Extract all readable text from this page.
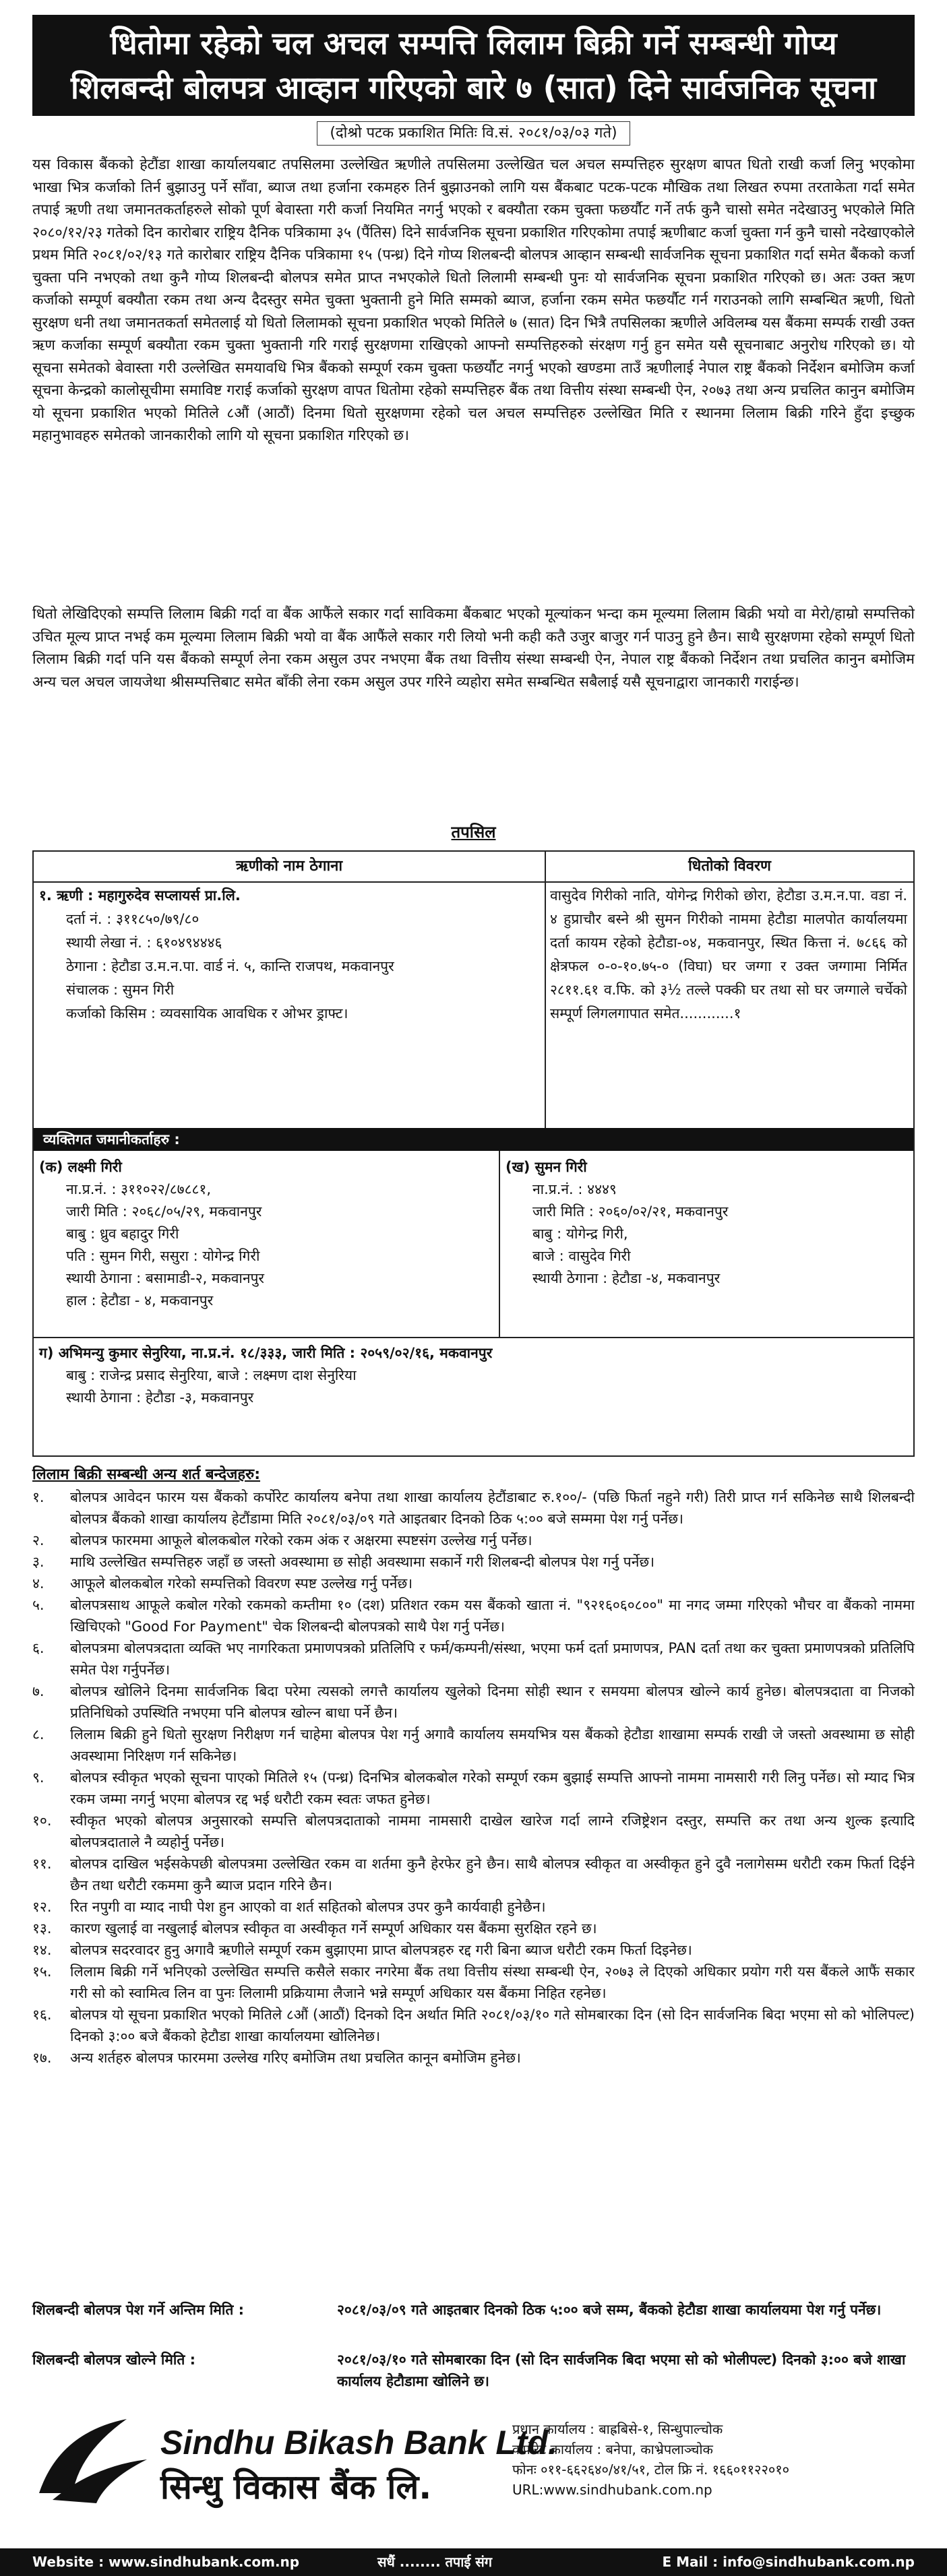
धितोमा रहेको चल अचल सम्पत्ति लिलाम बिक्री गर्ने सम्बन्धी गोप्य
शिलबन्दी बोलपत्र आव्हान गरिएको बारे ७ (सात) दिने सार्वजनिक सूचना
(दोश्रो पटक प्रकाशित मितिः वि.सं. २०८१/०३/०३ गते)
यस विकास बैंकको हेटौंडा शाखा कार्यालयबाट तपसिलमा उल्लेखित ऋणीले तपसिलमा उल्लेखित चल अचल सम्पत्तिहरु सुरक्षण बापत धितो राखी कर्जा लिनु भएकोमा भाखा भित्र कर्जाको तिर्न बुझाउनु पर्ने साँवा, ब्याज तथा हर्जाना रकमहरु तिर्न बुझाउनको लागि यस बैंकबाट पटक-पटक मौखिक तथा लिखत रुपमा तरताकेता गर्दा समेत तपाई ऋणी तथा जमानतकर्ताहरुले सोको पूर्ण बेवास्ता गरी कर्जा नियमित नगर्नु भएको र बक्यौता रकम चुक्ता फछर्यौट गर्ने तर्फ कुनै चासो समेत नदेखाउनु भएकोले मिति २०८०/१२/२३ गतेको दिन कारोबार राष्ट्रिय दैनिक पत्रिकामा ३५ (पैंतिस) दिने सार्वजनिक सूचना प्रकाशित गरिएकोमा तपाई ऋणीबाट कर्जा चुक्ता गर्न कुनै चासो नदेखाएकोले प्रथम मिति २०८१/०२/१३ गते कारोबार राष्ट्रिय दैनिक पत्रिकामा १५ (पन्ध्र) दिने गोप्य शिलबन्दी बोलपत्र आव्हान सम्बन्धी सार्वजनिक सूचना प्रकाशित गर्दा समेत बैंकको कर्जा चुक्ता पनि नभएको तथा कुनै गोप्य शिलबन्दी बोलपत्र समेत प्राप्त नभएकोले धितो लिलामी सम्बन्धी पुनः यो सार्वजनिक सूचना प्रकाशित गरिएको छ। अतः उक्त ऋण कर्जाको सम्पूर्ण बक्यौता रकम तथा अन्य दैदस्तुर समेत चुक्ता भुक्तानी हुने मिति सम्मको ब्याज, हर्जाना रकम समेत फछर्यौट गर्न गराउनको लागि सम्बन्धित ऋणी, धितो सुरक्षण धनी तथा जमानतकर्ता समेतलाई यो धितो लिलामको सूचना प्रकाशित भएको मितिले ७ (सात) दिन भित्रै तपसिलका ऋणीले अविलम्ब यस बैंकमा सम्पर्क राखी उक्त ऋण कर्जाका सम्पूर्ण बक्यौता रकम चुक्ता भुक्तानी गरि गराई सुरक्षणमा राखिएको आफ्नो सम्पत्तिहरुको संरक्षण गर्नु हुन समेत यसै सूचनाबाट अनुरोध गरिएको छ। यो सूचना समेतको बेवास्ता गरी उल्लेखित समयावधि भित्र बैंकको सम्पूर्ण रकम चुक्ता फछर्यौट नगर्नु भएको खण्डमा ताउँ ऋणीलाई नेपाल राष्ट्र बैंकको निर्देशन बमोजिम कर्जा सूचना केन्द्रको कालोसूचीमा समाविष्ट गराई कर्जाको सुरक्षण वापत धितोमा रहेको सम्पत्तिहरु बैंक तथा वित्तीय संस्था सम्बन्धी ऐन, २०७३ तथा अन्य प्रचलित कानुन बमोजिम यो सूचना प्रकाशित भएको मितिले ८औं (आठौं) दिनमा धितो सुरक्षणमा रहेको चल अचल सम्पत्तिहरु उल्लेखित मिति र स्थानमा लिलाम बिक्री गरिने हुँदा इच्छुक महानुभावहरु समेतको जानकारीको लागि यो सूचना प्रकाशित गरिएको छ।
धितो लेखिदिएको सम्पत्ति लिलाम बिक्री गर्दा वा बैंक आफैंले सकार गर्दा साविकमा बैंकबाट भएको मूल्यांकन भन्दा कम मूल्यमा लिलाम बिक्री भयो वा मेरो/हाम्रो सम्पत्तिको उचित मूल्य प्राप्त नभई कम मूल्यमा लिलाम बिक्री भयो वा बैंक आफैंले सकार गरी लियो भनी कही कतै उजुर बाजुर गर्न पाउनु हुने छैन। साथै सुरक्षणमा रहेको सम्पूर्ण धितो लिलाम बिक्री गर्दा पनि यस बैंकको सम्पूर्ण लेना रकम असुल उपर नभएमा बैंक तथा वित्तीय संस्था सम्बन्धी ऐन, नेपाल राष्ट्र बैंकको निर्देशन तथा प्रचलित कानुन बमोजिम अन्य चल अचल जायजेथा श्रीसम्पत्तिबाट समेत बाँकी लेना रकम असुल उपर गरिने व्यहोरा समेत सम्बन्धित सबैलाई यसै सूचनाद्वारा जानकारी गराईन्छ।
तपसिल
ऋणीको नाम ठेगाना	धितोको विवरण
१. ऋणी : महागुरुदेव सप्लायर्स प्रा.लि.
दर्ता नं. : ३११८५०/७९/८०
स्थायी लेखा नं. : ६१०४९४४४६
ठेगाना : हेटौडा उ.म.न.पा. वार्ड नं. ५, कान्ति राजपथ, मकवानपुर
संचालक : सुमन गिरी
कर्जाको किसिम : व्यवसायिक आवधिक र ओभर ड्राफ्ट।
वासुदेव गिरीको नाति, योगेन्द्र गिरीको छोरा, हेटौडा उ.म.न.पा. वडा नं. ४ हुप्राचौर बस्ने श्री सुमन गिरीको नाममा हेटौडा मालपोत कार्यालयमा दर्ता कायम रहेको हेटौडा-०४, मकवानपुर, स्थित कित्ता नं. ७८६६ को क्षेत्रफल ०-०-१०.७५-० (विघा) घर जग्गा र उक्त जग्गामा निर्मित २८११.६१ व.फि. को ३½ तल्ले पक्की घर तथा सो घर जग्गाले चर्चेको सम्पूर्ण लिगलगापात समेत............१
व्यक्तिगत जमानीकर्ताहरु :
(क) लक्ष्मी गिरी
ना.प्र.नं. : ३११०२२/८७८८१,
जारी मिति : २०६८/०५/२९, मकवानपुर
बाबु : ध्रुव बहादुर गिरी
पति : सुमन गिरी, ससुरा : योगेन्द्र गिरी
स्थायी ठेगाना : बसामाडी-२, मकवानपुर
हाल : हेटौडा - ४, मकवानपुर
(ख) सुमन गिरी
ना.प्र.नं. : ४४४९
जारी मिति : २०६०/०२/२१, मकवानपुर
बाबु : योगेन्द्र गिरी,
बाजे : वासुदेव गिरी
स्थायी ठेगाना : हेटौडा -४, मकवानपुर
ग) अभिमन्यु कुमार सेनुरिया, ना.प्र.नं. १८/३३३, जारी मिति : २०५९/०२/१६, मकवानपुर
बाबु : राजेन्द्र प्रसाद सेनुरिया, बाजे : लक्ष्मण दाश सेनुरिया
स्थायी ठेगाना : हेटौडा -३, मकवानपुर
लिलाम बिक्री सम्बन्धी अन्य शर्त बन्देजहरु:
१.	बोलपत्र आवेदन फारम यस बैंकको कर्पोरेट कार्यालय बनेपा तथा शाखा कार्यालय हेटौंडाबाट रु.१००/- (पछि फिर्ता नहुने गरी) तिरी प्राप्त गर्न सकिनेछ साथै शिलबन्दी बोलपत्र बैंकको शाखा कार्यालय हेटौंडामा मिति २०८१/०३/०९ गते आइतबार दिनको ठिक ५:०० बजे सम्ममा पेश गर्नु पर्नेछ।
२.	बोलपत्र फारममा आफूले बोलकबोल गरेको रकम अंक र अक्षरमा स्पष्टसंग उल्लेख गर्नु पर्नेछ।
३.	माथि उल्लेखित सम्पत्तिहरु जहाँ छ जस्तो अवस्थामा छ सोही अवस्थामा सकार्ने गरी शिलबन्दी बोलपत्र पेश गर्नु पर्नेछ।
४.	आफूले बोलकबोल गरेको सम्पत्तिको विवरण स्पष्ट उल्लेख गर्नु पर्नेछ।
५.	बोलपत्रसाथ आफूले कबोल गरेको रकमको कम्तीमा १० (दश) प्रतिशत रकम यस बैंकको खाता नं. "९२१६०६०८००" मा नगद जम्मा गरिएको भौचर वा बैंकको नाममा खिचिएको "Good For Payment" चेक शिलबन्दी बोलपत्रको साथै पेश गर्नु पर्नेछ।
६.	बोलपत्रमा बोलपत्रदाता व्यक्ति भए नागरिकता प्रमाणपत्रको प्रतिलिपि र फर्म/कम्पनी/संस्था, भएमा फर्म दर्ता प्रमाणपत्र, PAN दर्ता तथा कर चुक्ता प्रमाणपत्रको प्रतिलिपि समेत पेश गर्नुपर्नेछ।
७.	बोलपत्र खोलिने दिनमा सार्वजनिक बिदा परेमा त्यसको लगत्तै कार्यालय खुलेको दिनमा सोही स्थान र समयमा बोलपत्र खोल्ने कार्य हुनेछ। बोलपत्रदाता वा निजको प्रतिनिधिको उपस्थिति नभएमा पनि बोलपत्र खोल्न बाधा पर्ने छैन।
८.	लिलाम बिक्री हुने धितो सुरक्षण निरीक्षण गर्न चाहेमा बोलपत्र पेश गर्नु अगावै कार्यालय समयभित्र यस बैंकको हेटौडा शाखामा सम्पर्क राखी जे जस्तो अवस्थामा छ सोही अवस्थामा निरिक्षण गर्न सकिनेछ।
९.	बोलपत्र स्वीकृत भएको सूचना पाएको मितिले १५ (पन्ध्र) दिनभित्र बोलकबोल गरेको सम्पूर्ण रकम बुझाई सम्पत्ति आफ्नो नाममा नामसारी गरी लिनु पर्नेछ। सो म्याद भित्र रकम जम्मा नगर्नु भएमा बोलपत्र रद्द भई धरौटी रकम स्वतः जफत हुनेछ।
१०.	स्वीकृत भएको बोलपत्र अनुसारको सम्पत्ति बोलपत्रदाताको नाममा नामसारी दाखेल खारेज गर्दा लाग्ने रजिष्ट्रेशन दस्तुर, सम्पत्ति कर तथा अन्य शुल्क इत्यादि बोलपत्रदाताले नै व्यहोर्नु पर्नेछ।
११.	बोलपत्र दाखिल भईसकेपछी बोलपत्रमा उल्लेखित रकम वा शर्तमा कुनै हेरफेर हुने छैन। साथै बोलपत्र स्वीकृत वा अस्वीकृत हुने दुवै नलागेसम्म धरौटी रकम फिर्ता दिईने छैन तथा धरौटी रकममा कुनै ब्याज प्रदान गरिने छैन।
१२.	रित नपुगी वा म्याद नाघी पेश हुन आएको वा शर्त सहितको बोलपत्र उपर कुनै कार्यवाही हुनेछैन।
१३.	कारण खुलाई वा नखुलाई बोलपत्र स्वीकृत वा अस्वीकृत गर्ने सम्पूर्ण अधिकार यस बैंकमा सुरक्षित रहने छ।
१४.	बोलपत्र सदरवादर हुनु अगावै ऋणीले सम्पूर्ण रकम बुझाएमा प्राप्त बोलपत्रहरु रद्द गरी बिना ब्याज धरौटी रकम फिर्ता दिइनेछ।
१५.	लिलाम बिक्री गर्ने भनिएको उल्लेखित सम्पत्ति कसैले सकार नगरेमा बैंक तथा वित्तीय संस्था सम्बन्धी ऐन, २०७३ ले दिएको अधिकार प्रयोग गरी यस बैंकले आफैं सकार गरी सो को स्वामित्व लिन वा पुनः लिलामी प्रक्रियामा लैजाने भन्ने सम्पूर्ण अधिकार यस बैंकमा निहित रहनेछ।
१६.	बोलपत्र यो सूचना प्रकाशित भएको मितिले ८औं (आठौं) दिनको दिन अर्थात मिति २०८१/०३/१० गते सोमबारका दिन (सो दिन सार्वजनिक बिदा भएमा सो को भोलिपल्ट) दिनको ३:०० बजे बैंकको हेटौडा शाखा कार्यालयमा खोलिनेछ।
१७.	अन्य शर्तहरु बोलपत्र फारममा उल्लेख गरिए बमोजिम तथा प्रचलित कानून बमोजिम हुनेछ।
शिलबन्दी बोलपत्र पेश गर्ने अन्तिम मिति :	२०८१/०३/०९ गते आइतबार दिनको ठिक ५:०० बजे सम्म, बैंकको हेटौडा शाखा कार्यालयमा पेश गर्नु पर्नेछ।
शिलबन्दी बोलपत्र खोल्ने मिति :	२०८१/०३/१० गते सोमबारका दिन (सो दिन सार्वजनिक बिदा भएमा सो को भोलीपल्ट) दिनको ३:०० बजे शाखा कार्यालय हेटौडामा खोलिने छ।
Sindhu Bikash Bank Ltd.
सिन्धु विकास बैंक लि.
प्रधान कार्यालय : बाह्रबिसे-१, सिन्धुपाल्चोक
कर्पोरेट कार्यालय : बनेपा, काभ्रेपलाञ्चोक
फोनः ०११-६६२६४०/४१/५१, टोल फ्रि नं. १६६०११२२०१०
URL:www.sindhubank.com.np
Website : www.sindhubank.com.np	सधैं ........ तपाई संग	E Mail : info@sindhubank.com.np
